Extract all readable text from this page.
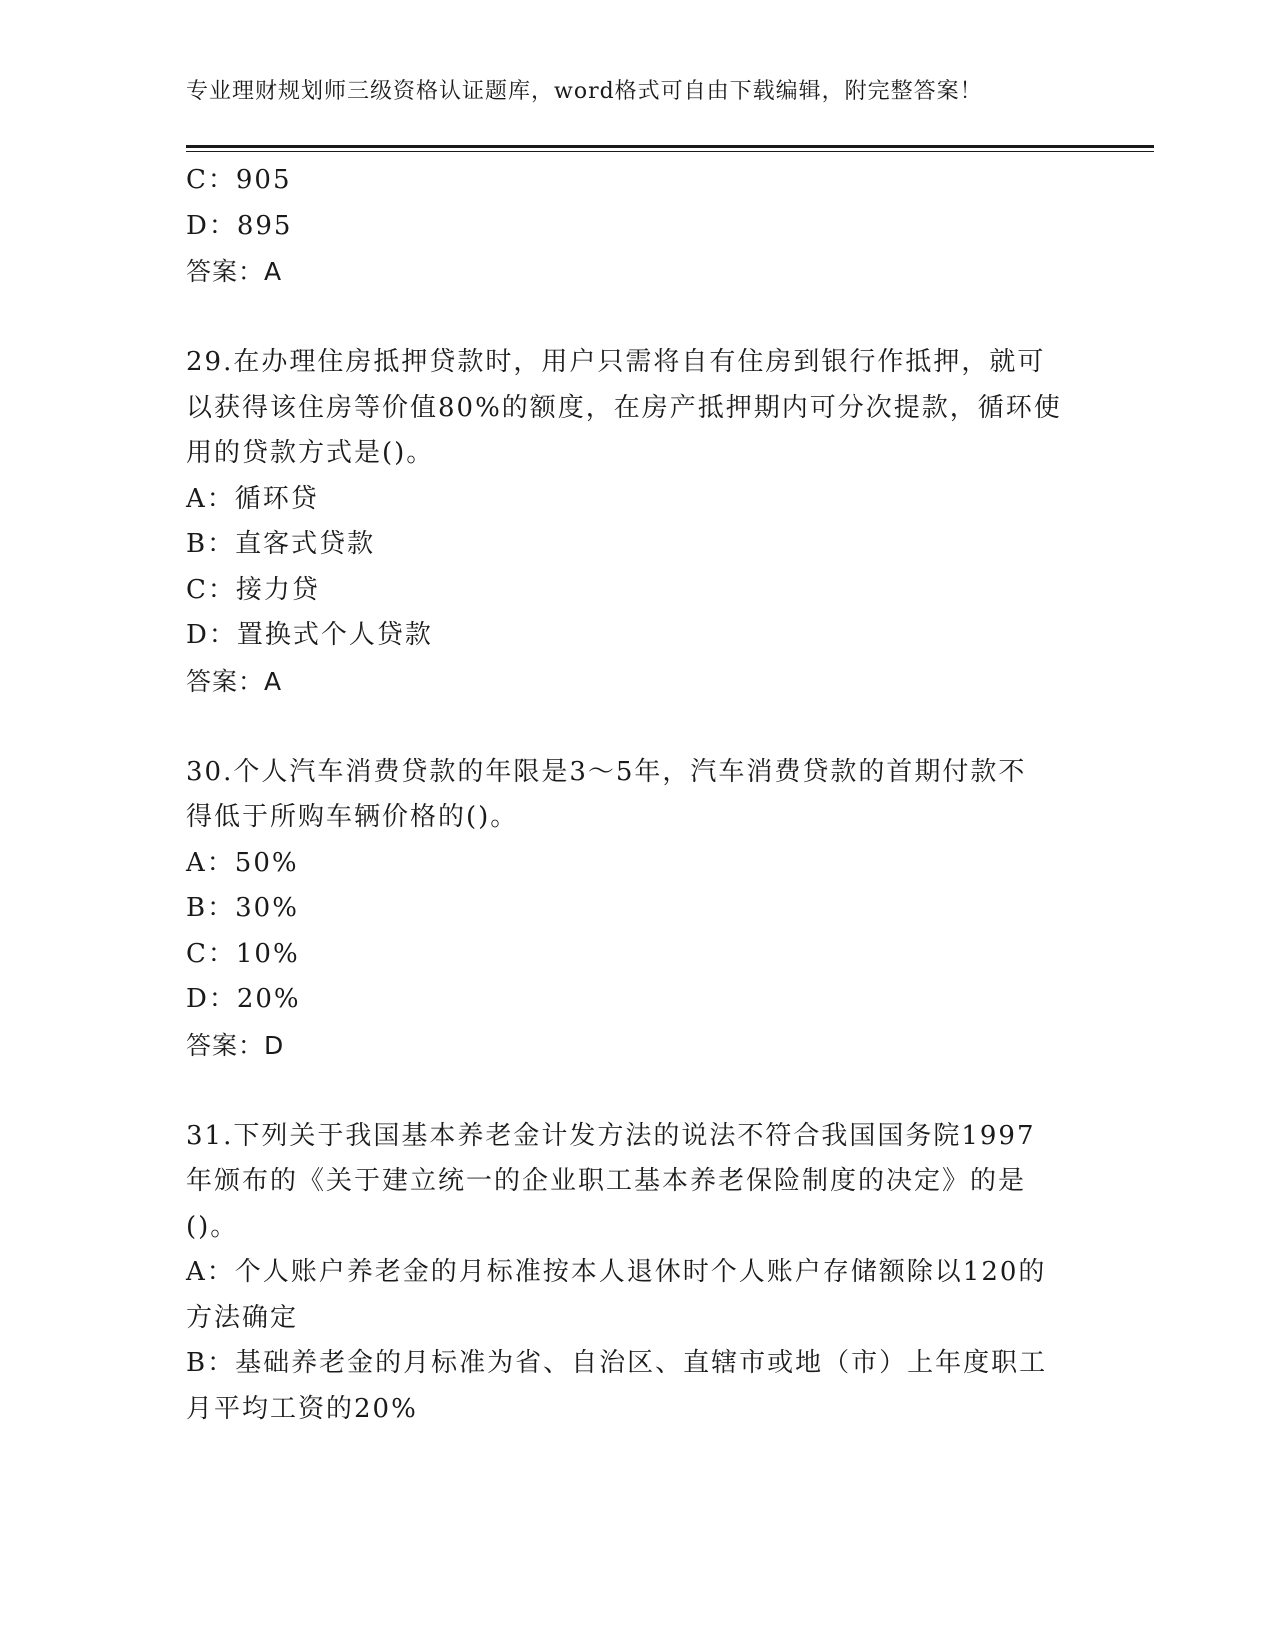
专业理财规划师三级资格认证题库，word格式可自由下载编辑，附完整答案！
C：905
D：895
答案：A
29.在办理住房抵押贷款时，用户只需将自有住房到银行作抵押，就可
以获得该住房等价值80%的额度，在房产抵押期内可分次提款，循环使
用的贷款方式是()。
A：循环贷
B：直客式贷款
C：接力贷
D：置换式个人贷款
答案：A
30.个人汽车消费贷款的年限是3～5年，汽车消费贷款的首期付款不
得低于所购车辆价格的()。
A：50%
B：30%
C：10%
D：20%
答案：D
31.下列关于我国基本养老金计发方法的说法不符合我国国务院1997
年颁布的《关于建立统一的企业职工基本养老保险制度的决定》的是
()。
A：个人账户养老金的月标准按本人退休时个人账户存储额除以120的
方法确定
B：基础养老金的月标准为省、自治区、直辖市或地（市）上年度职工
月平均工资的20%
